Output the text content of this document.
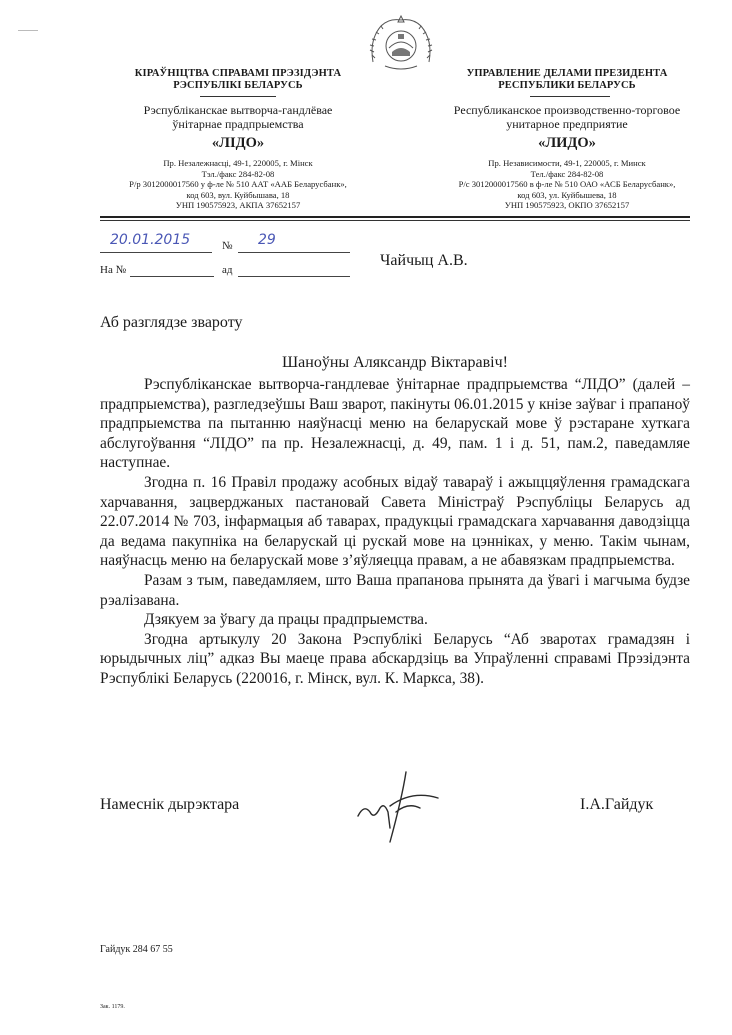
КІРАЎНІЦТВА СПРАВАМІ ПРЭЗІДЭНТА
РЭСПУБЛІКІ БЕЛАРУСЬ
Рэспубліканскае вытворча-гандлёвае
ўнітарнае прадпрыемства
«ЛІДО»
Пр. Незалежнасці, 49-1, 220005, г. Мінск
Тэл./факс 284-82-08
Р/р 3012000017560 у ф-ле № 510 ААТ «ААБ Беларусбанк»,
код 603, вул. Куйбышава, 18
УНП 190575923, АКПА 37652157
УПРАВЛЕНИЕ ДЕЛАМИ ПРЕЗИДЕНТА
РЕСПУБЛИКИ БЕЛАРУСЬ
Республиканское производственно-торговое
унитарное предприятие
«ЛИДО»
Пр. Независимости, 49-1, 220005, г. Минск
Тел./факс 284-82-08
Р/с 3012000017560 в ф-ле № 510 ОАО «АСБ Беларусбанк»,
код 603, ул. Куйбышева, 18
УНП 190575923, ОКПО 37652157
20.01.2015	№ 29
На №	ад
Чайчыц А.В.
Аб разглядзе звароту
Шаноўны Аляксандр Віктаравіч!

Рэспубліканскае вытворча-гандлевае ўнітарнае прадпрыемства “ЛІДО” (далей – прадпрыемства), разгледзеўшы Ваш зварот, пакінуты 06.01.2015 у кнізе заўваг і прапаноў прадпрыемства па пытанню наяўнасці меню на беларускай мове ў рэстаране хуткага абслугоўвання “ЛІДО” па пр. Незалежнасці, д. 49, пам. 1 і д. 51, пам.2, паведамляе наступнае.

Згодна п. 16 Правіл продажу асобных відаў тавараў і ажыццяўлення грамадскага харчавання, зацверджаных пастановай Савета Міністраў Рэспублiцы Беларусь ад 22.07.2014 № 703, інфармацыя аб таварах, прадукцыі грамадскага харчавання даводзіцца да ведама пакупніка на беларускай ці рускай мове на цэнніках, у меню. Такім чынам, наяўнасць меню на беларускай мове з’яўляецца правам, а не абавязкам прадпрыемства.

Разам з тым, паведамляем, што Ваша прапанова прынята да ўвагі і магчыма будзе рэалізавана.

Дзякуем за ўвагу да працы прадпрыемства.

Згодна артыкулу 20 Закона Рэспублікі Беларусь “Аб зваротах грамадзян і юрыдычных ліц” адказ Вы маеце права абскардзіць ва Упраўленні справамі Прэзідэнта Рэспублікі Беларусь (220016, г. Мінск, вул. К. Маркса, 38).

Намеснік дырэктара	І.А.Гайдук
Гайдук 284 67 55
Зак. 1179.
